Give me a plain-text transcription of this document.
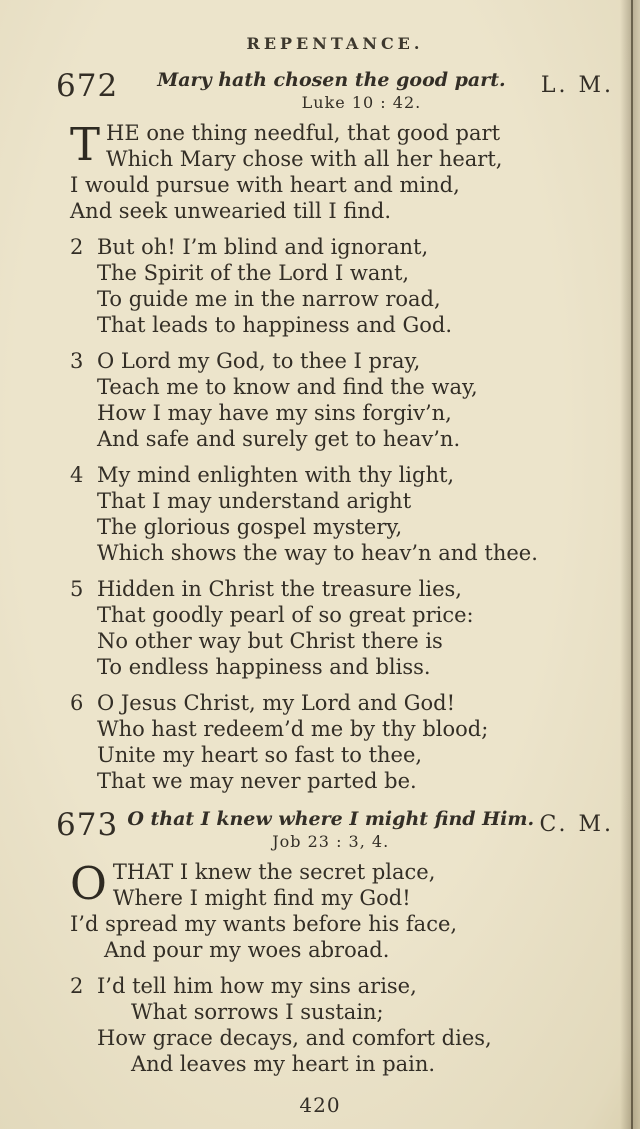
REPENTANCE.
672	Mary hath chosen the good part.
Luke 10 : 42.
L. M.
T HE one thing needful, that good part
Which Mary chose with all her heart,
I would pursue with heart and mind,
And seek unwearied till I find.
2 But oh! I’m blind and ignorant,
The Spirit of the Lord I want,
To guide me in the narrow road,
That leads to happiness and God.
3 O Lord my God, to thee I pray,
Teach me to know and find the way,
How I may have my sins forgiv’n,
And safe and surely get to heav’n.
4 My mind enlighten with thy light,
That I may understand aright
The glorious gospel mystery,
Which shows the way to heav’n and thee.
5 Hidden in Christ the treasure lies,
That goodly pearl of so great price:
No other way but Christ there is
To endless happiness and bliss.
6 O Jesus Christ, my Lord and God!
Who hast redeem’d me by thy blood;
Unite my heart so fast to thee,
That we may never parted be.
673 O that I knew where I might find Him.
Job 23 : 3, 4.
C. M.
O THAT I knew the secret place,
Where I might find my God!
I’d spread my wants before his face,
And pour my woes abroad.
2 I’d tell him how my sins arise,
What sorrows I sustain;
How grace decays, and comfort dies,
And leaves my heart in pain.
420
